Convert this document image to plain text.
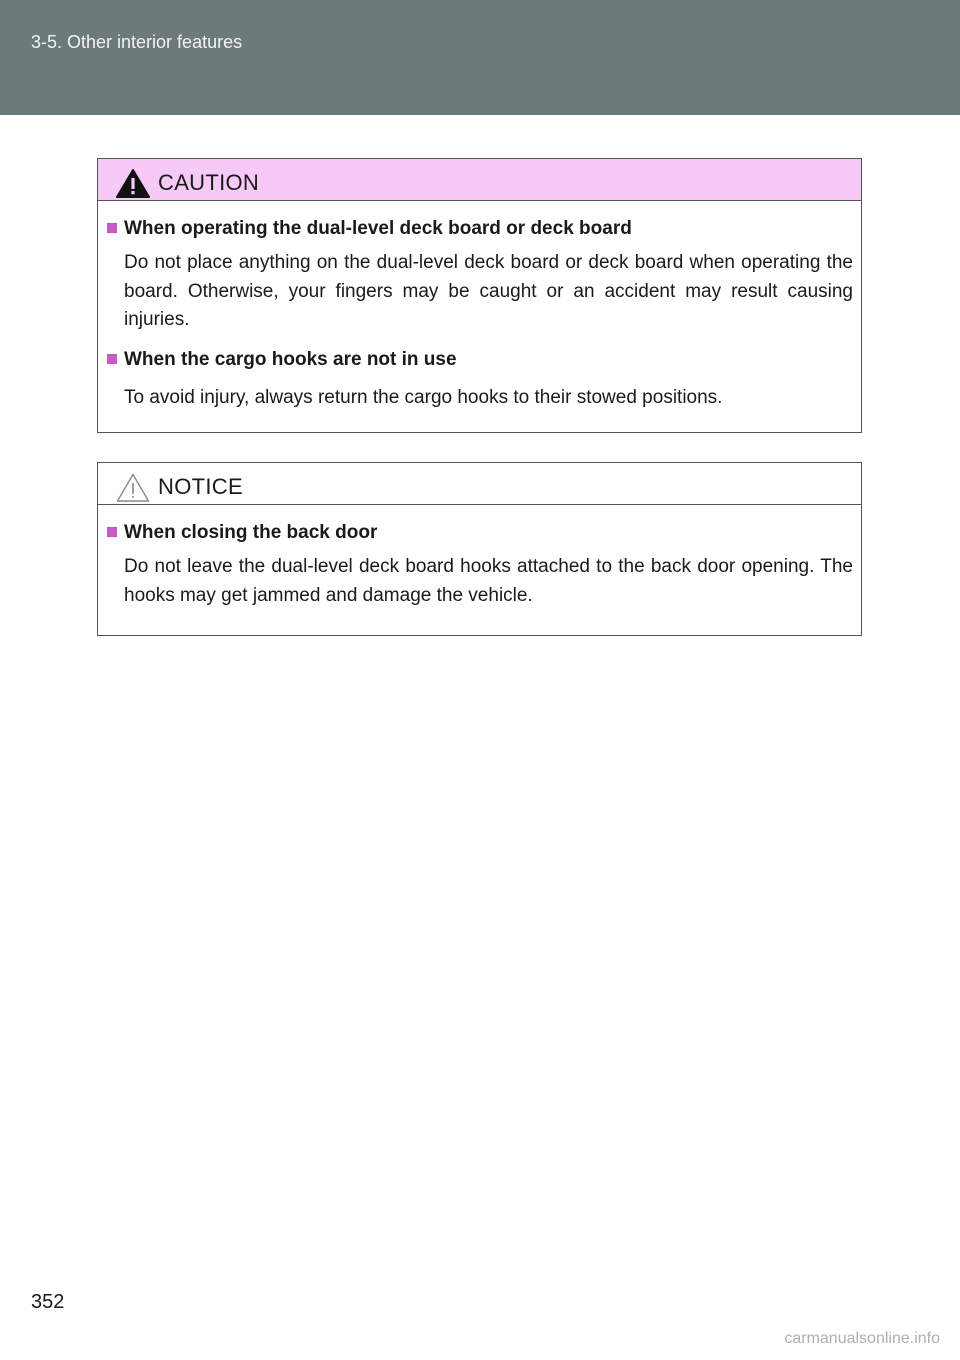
3-5. Other interior features
CAUTION
When operating the dual-level deck board or deck board
Do not place anything on the dual-level deck board or deck board when operating the board. Otherwise, your fingers may be caught or an accident may result causing injuries.
When the cargo hooks are not in use
To avoid injury, always return the cargo hooks to their stowed positions.
NOTICE
When closing the back door
Do not leave the dual-level deck board hooks attached to the back door opening. The hooks may get jammed and damage the vehicle.
352
carmanualsonline.info
